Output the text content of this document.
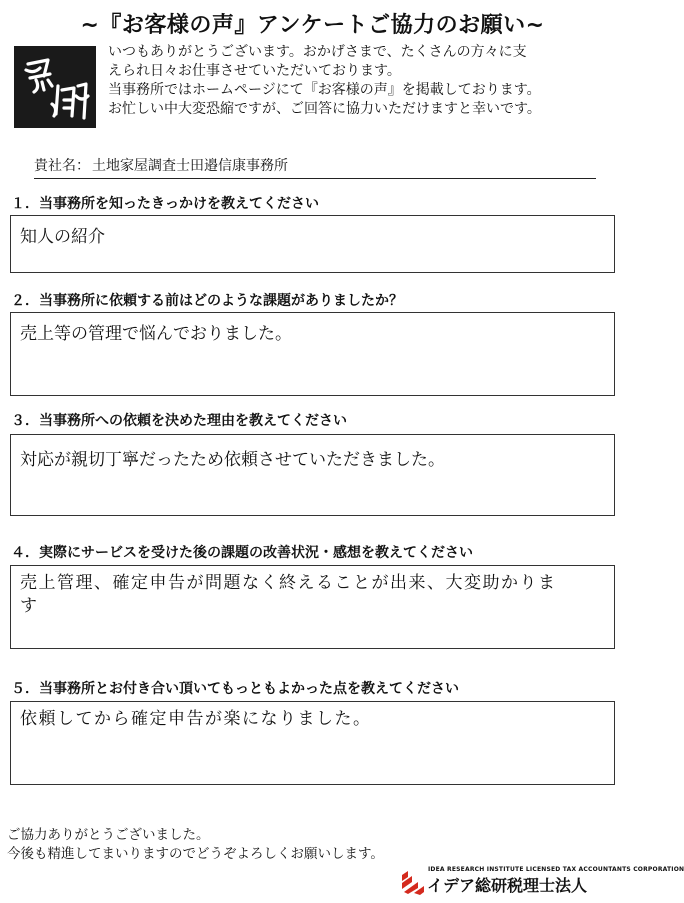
~『お客様の声』アンケートご協力のお願い~
いつもありがとうございます。おかげさまで、たくさんの方々に支
えられ日々お仕事させていただいております。
当事務所ではホームページにて『お客様の声』を掲載しております。
お忙しい中大変恐縮ですが、ご回答に協力いただけますと幸いです。
貴社名： 土地家屋調査士田邉信康事務所
１．当事務所を知ったきっかけを教えてください
知人の紹介
２．当事務所に依頼する前はどのような課題がありましたか？
売上等の管理で悩んでおりました。
３．当事務所への依頼を決めた理由を教えてください
対応が親切丁寧だったため依頼させていただきました。
４．実際にサービスを受けた後の課題の改善状況・感想を教えてください
売上管理、確定申告が問題なく終えることが出来、大変助かります
５．当事務所とお付き合い頂いてもっともよかった点を教えてください
依頼してから確定申告が楽になりました。
ご協力ありがとうございました。
今後も精進してまいりますのでどうぞよろしくお願いします。
IDEA RESEARCH INSTITUTE LICENSED TAX ACCOUNTANTS CORPORATION
イデア総研税理士法人
